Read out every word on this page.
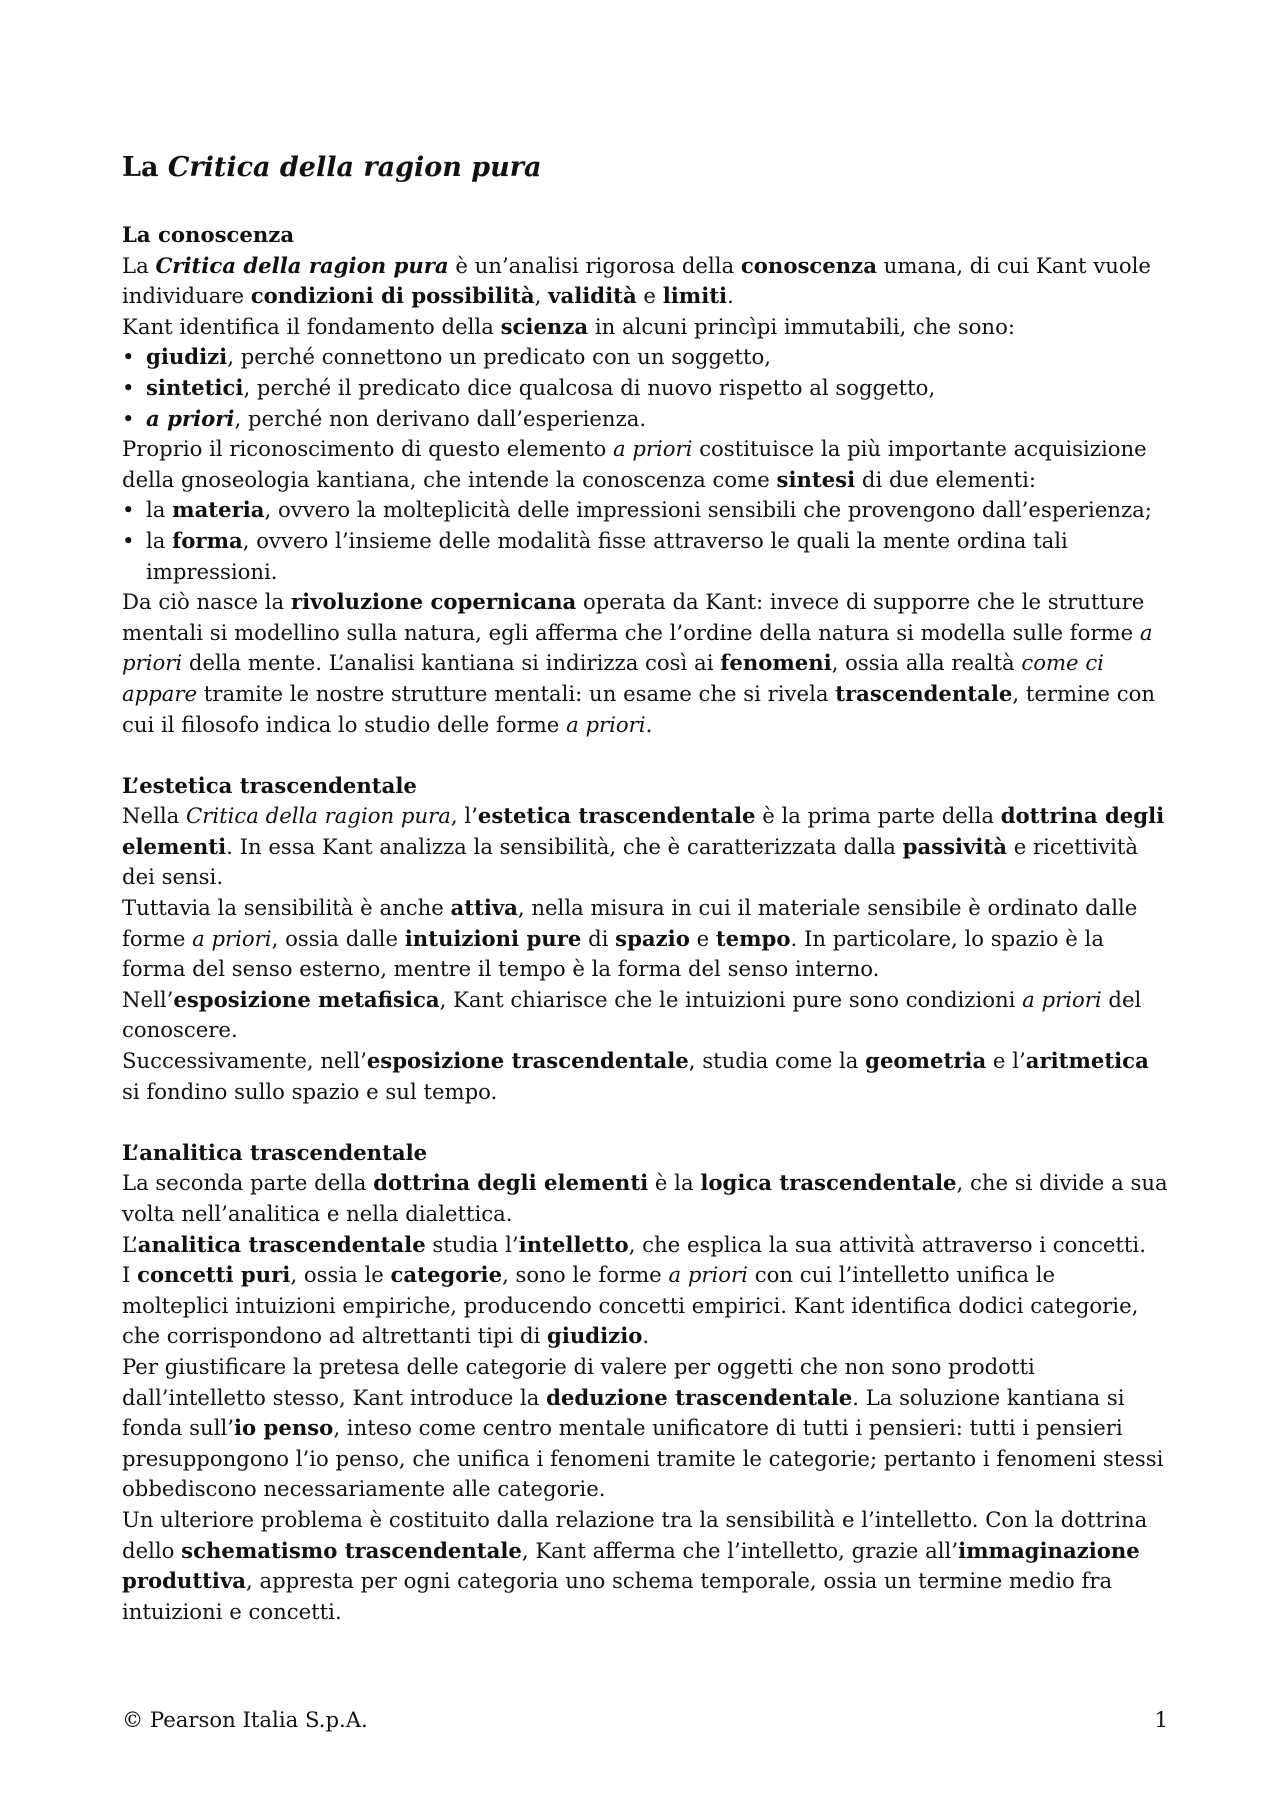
La Critica della ragion pura
La conoscenza

La Critica della ragion pura è un’analisi rigorosa della conoscenza umana, di cui Kant vuole individuare condizioni di possibilità, validità e limiti.

Kant identifica il fondamento della scienza in alcuni princìpi immutabili, che sono:

• giudizi, perché connettono un predicato con un soggetto,
• sintetici, perché il predicato dice qualcosa di nuovo rispetto al soggetto,
• a priori, perché non derivano dall’esperienza.

Proprio il riconoscimento di questo elemento a priori costituisce la più importante acquisizione della gnoseologia kantiana, che intende la conoscenza come sintesi di due elementi:

• la materia, ovvero la molteplicità delle impressioni sensibili che provengono dall’esperienza;
• la forma, ovvero l’insieme delle modalità fisse attraverso le quali la mente ordina tali impressioni.

Da ciò nasce la rivoluzione copernicana operata da Kant: invece di supporre che le strutture mentali si modellino sulla natura, egli afferma che l’ordine della natura si modella sulle forme a priori della mente. L’analisi kantiana si indirizza così ai fenomeni, ossia alla realtà come ci appare tramite le nostre strutture mentali: un esame che si rivela trascendentale, termine con cui il filosofo indica lo studio delle forme a priori.

L’estetica trascendentale

Nella Critica della ragion pura, l’estetica trascendentale è la prima parte della dottrina degli elementi. In essa Kant analizza la sensibilità, che è caratterizzata dalla passività e ricettività dei sensi.

Tuttavia la sensibilità è anche attiva, nella misura in cui il materiale sensibile è ordinato dalle forme a priori, ossia dalle intuizioni pure di spazio e tempo. In particolare, lo spazio è la forma del senso esterno, mentre il tempo è la forma del senso interno.

Nell’esposizione metafisica, Kant chiarisce che le intuizioni pure sono condizioni a priori del conoscere.

Successivamente, nell’esposizione trascendentale, studia come la geometria e l’aritmetica si fondino sullo spazio e sul tempo.

L’analitica trascendentale

La seconda parte della dottrina degli elementi è la logica trascendentale, che si divide a sua volta nell’analitica e nella dialettica.

L’analitica trascendentale studia l’intelletto, che esplica la sua attività attraverso i concetti.

I concetti puri, ossia le categorie, sono le forme a priori con cui l’intelletto unifica le molteplici intuizioni empiriche, producendo concetti empirici. Kant identifica dodici categorie, che corrispondono ad altrettanti tipi di giudizio.

Per giustificare la pretesa delle categorie di valere per oggetti che non sono prodotti dall’intelletto stesso, Kant introduce la deduzione trascendentale. La soluzione kantiana si fonda sull’io penso, inteso come centro mentale unificatore di tutti i pensieri: tutti i pensieri presuppongono l’io penso, che unifica i fenomeni tramite le categorie; pertanto i fenomeni stessi obbediscono necessariamente alle categorie.

Un ulteriore problema è costituito dalla relazione tra la sensibilità e l’intelletto. Con la dottrina dello schematismo trascendentale, Kant afferma che l’intelletto, grazie all’immaginazione produttiva, appresta per ogni categoria uno schema temporale, ossia un termine medio fra intuizioni e concetti.

© Pearson Italia S.p.A.	1
